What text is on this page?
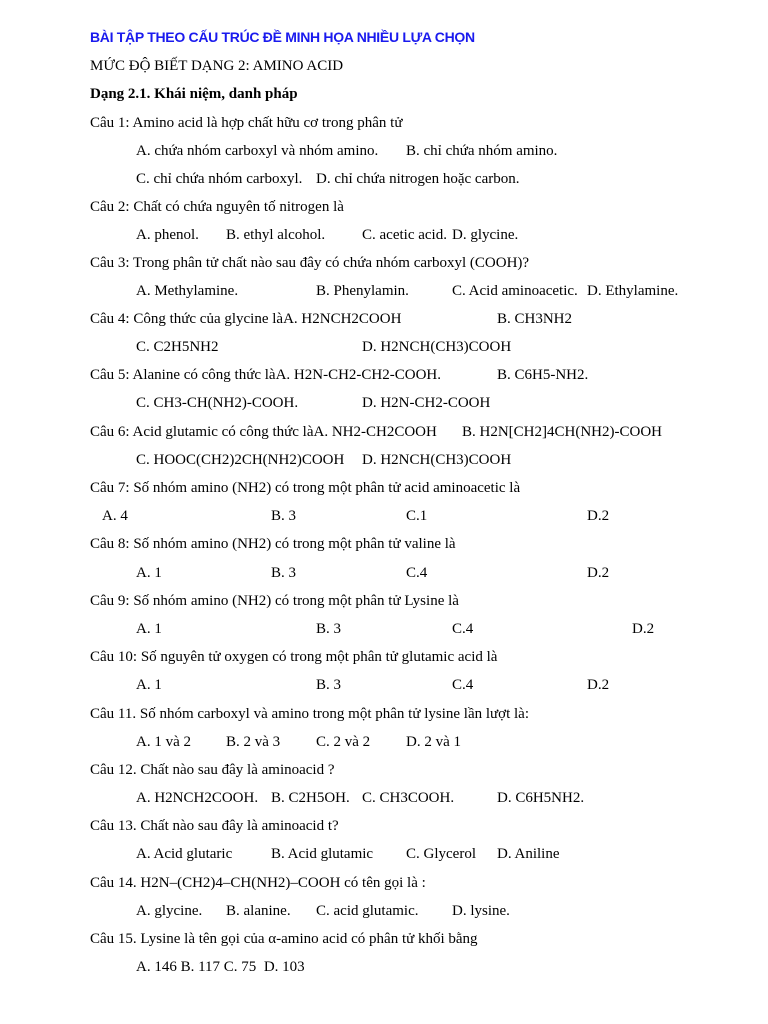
BÀI TẬP THEO CẤU TRÚC ĐỀ MINH HỌA NHIỀU LỰA CHỌN
MỨC ĐỘ BIẾT DẠNG 2: AMINO ACID
Dạng 2.1. Khái niệm, danh pháp
Câu 1: Amino acid là hợp chất hữu cơ trong phân tử
A. chứa nhóm carboxyl và nhóm amino. B. chỉ chứa nhóm amino.
C. chỉ chứa nhóm carboxyl. D. chỉ chứa nitrogen hoặc carbon.
Câu 2: Chất có chứa nguyên tố nitrogen là
A. phenol. B. ethyl alcohol. C. acetic acid. D. glycine.
Câu 3: Trong phân tử chất nào sau đây có chứa nhóm carboxyl (COOH)?
A. Methylamine.	B. Phenylamin.	C. Acid aminoacetic. D. Ethylamine.
Câu 4: Công thức của glycine làA. H2NCH2COOH	B. CH3NH2
C. C2H5NH2	D. H2NCH(CH3)COOH
Câu 5: Alanine có công thức làA. H2N-CH2-CH2-COOH.	B. C6H5-NH2.
C. CH3-CH(NH2)-COOH.	D. H2N-CH2-COOH
Câu 6: Acid glutamic có công thức làA. NH2-CH2COOH B. H2N[CH2]4CH(NH2)-COOH
C. HOOC(CH2)2CH(NH2)COOH D. H2NCH(CH3)COOH
Câu 7: Số nhóm amino (NH2) có trong một phân tử acid aminoacetic là
A. 4	B. 3	C.1	D.2
Câu 8: Số nhóm amino (NH2) có trong một phân tử valine là
A. 1	B. 3	C.4	D.2
Câu 9: Số nhóm amino (NH2) có trong một phân tử Lysine là
A. 1	B. 3	C.4	D.2
Câu 10: Số nguyên tử oxygen có trong một phân tử glutamic acid là
A. 1	B. 3	C.4	D.2
Câu 11. Số nhóm carboxyl và amino trong một phân tử lysine lần lượt là:
A. 1 và 2 B. 2 và 3 C. 2 và 2 D. 2 và 1
Câu 12. Chất nào sau đây là aminoacid ?
A. H2NCH2COOH. B. C2H5OH. C. CH3COOH.	D. C6H5NH2.
Câu 13. Chất nào sau đây là aminoacid t?
A. Acid glutaric	B. Acid glutamic C. Glycerol D. Aniline
Câu 14. H2N–(CH2)4–CH(NH2)–COOH có tên gọi là :
A. glycine. B. alanine. C. acid glutamic. D. lysine.
Câu 15. Lysine là tên gọi của α-amino acid có phân tử khối bằng
A. 146 B. 117 C. 75 D. 103
